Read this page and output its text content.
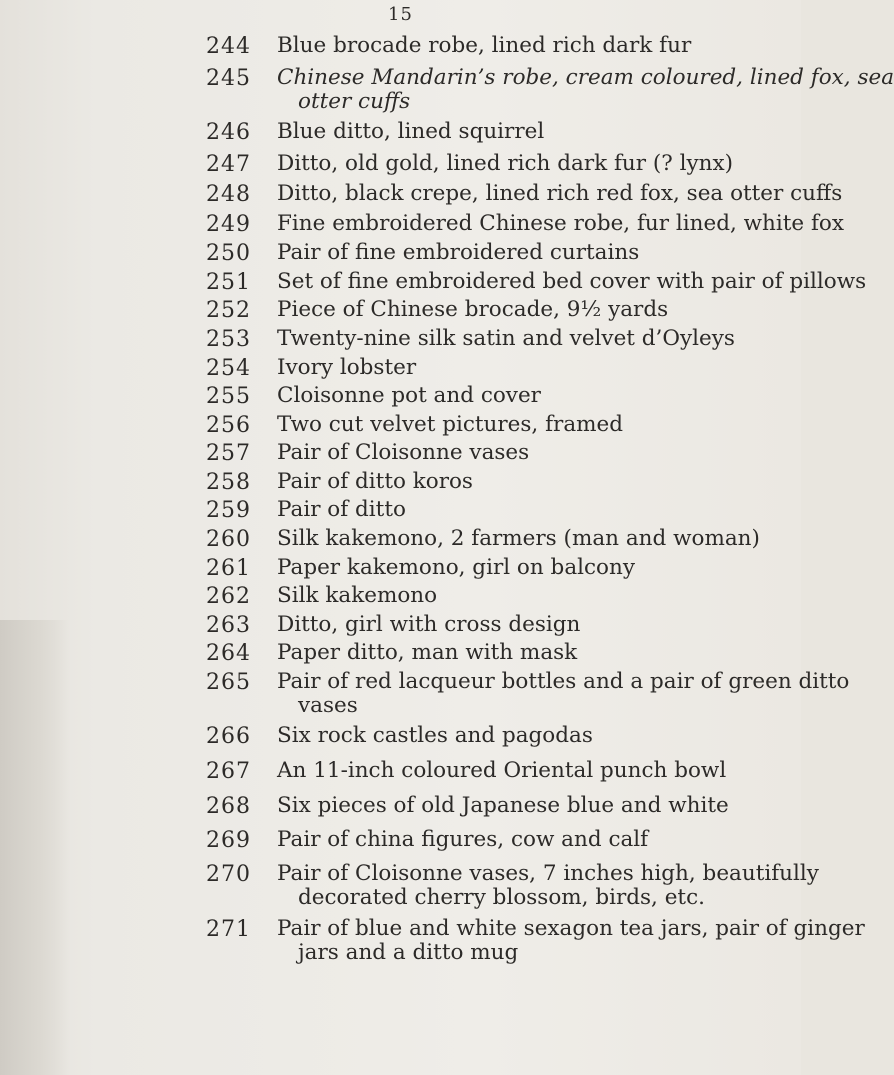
15
244	Blue brocade robe, lined rich dark fur
245	Chinese Mandarin’s robe, cream coloured, lined fox, sea
otter cuffs
246	Blue ditto, lined squirrel
247	Ditto, old gold, lined rich dark fur (? lynx)
248	Ditto, black crepe, lined rich red fox, sea otter cuffs
249	Fine embroidered Chinese robe, fur lined, white fox
250	Pair of fine embroidered curtains
251	Set of fine embroidered bed cover with pair of pillows
252	Piece of Chinese brocade, 9½ yards
253	Twenty-nine silk satin and velvet d’Oyleys
254	Ivory lobster
255	Cloisonne pot and cover
256	Two cut velvet pictures, framed
257	Pair of Cloisonne vases
258	Pair of ditto koros
259	Pair of ditto
260	Silk kakemono, 2 farmers (man and woman)
261	Paper kakemono, girl on balcony
262	Silk kakemono
263	Ditto, girl with cross design
264	Paper ditto, man with mask
265	Pair of red lacqueur bottles and a pair of green ditto
vases
266	Six rock castles and pagodas
267	An 11-inch coloured Oriental punch bowl
268	Six pieces of old Japanese blue and white
269	Pair of china figures, cow and calf
270	Pair of Cloisonne vases, 7 inches high, beautifully
decorated cherry blossom, birds, etc.
271	Pair of blue and white sexagon tea jars, pair of ginger
jars and a ditto mug
